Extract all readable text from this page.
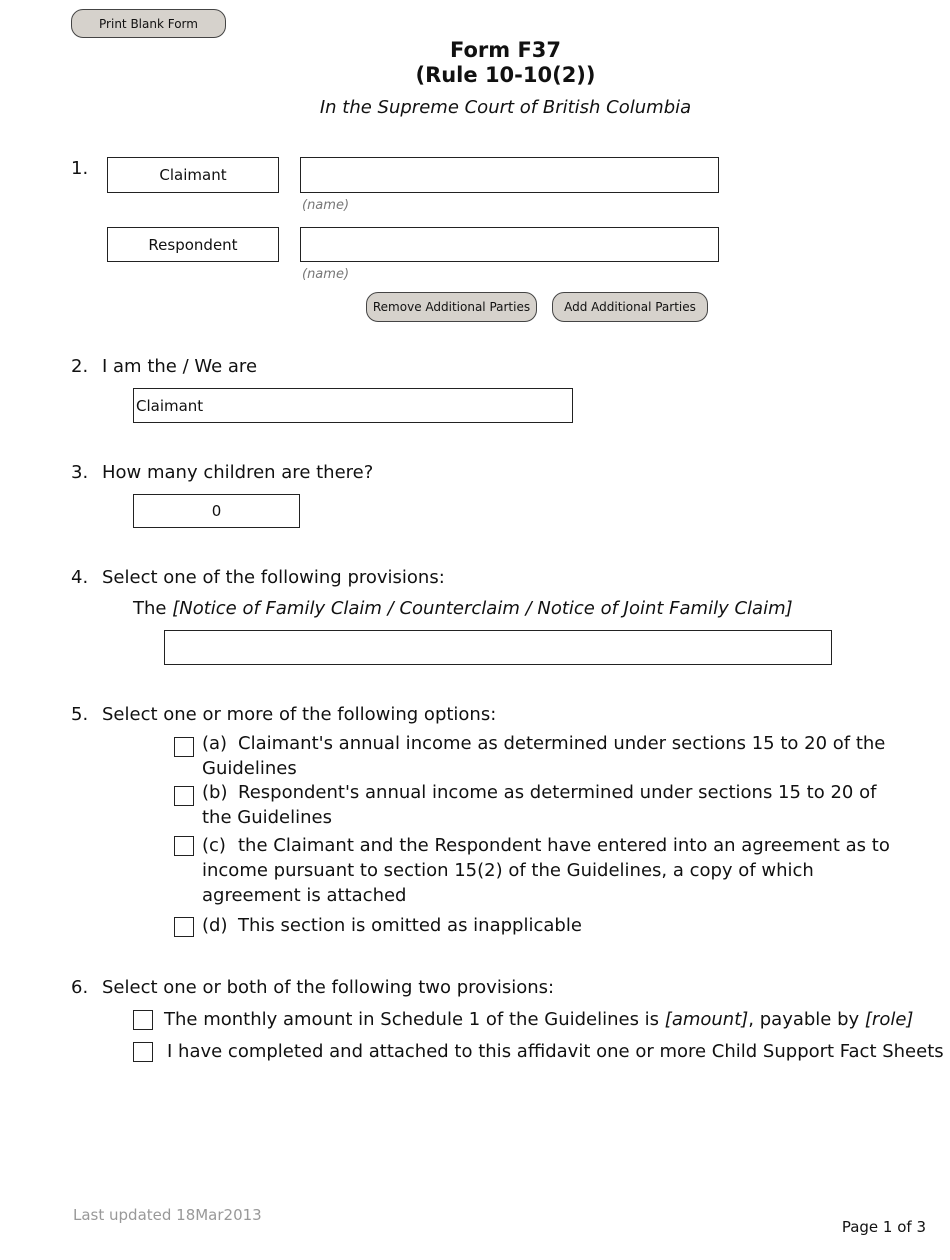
Print Blank Form
Form F37
(Rule 10-10(2))
In the Supreme Court of British Columbia
1.	Claimant
(name)
Respondent
(name)
Remove Additional Parties	Add Additional Parties
2. I am the / We are
Claimant
3. How many children are there?
0
4. Select one of the following provisions:
The [Notice of Family Claim / Counterclaim / Notice of Joint Family Claim]
5. Select one or more of the following options:
(a) Claimant's annual income as determined under sections 15 to 20 of the Guidelines
(b) Respondent's annual income as determined under sections 15 to 20 of the Guidelines
(c) the Claimant and the Respondent have entered into an agreement as to income pursuant to section 15(2) of the Guidelines, a copy of which agreement is attached
(d) This section is omitted as inapplicable
6. Select one or both of the following two provisions:
The monthly amount in Schedule 1 of the Guidelines is [amount], payable by [role]
I have completed and attached to this affidavit one or more Child Support Fact Sheets
Last updated 18Mar2013
Page 1 of 3
